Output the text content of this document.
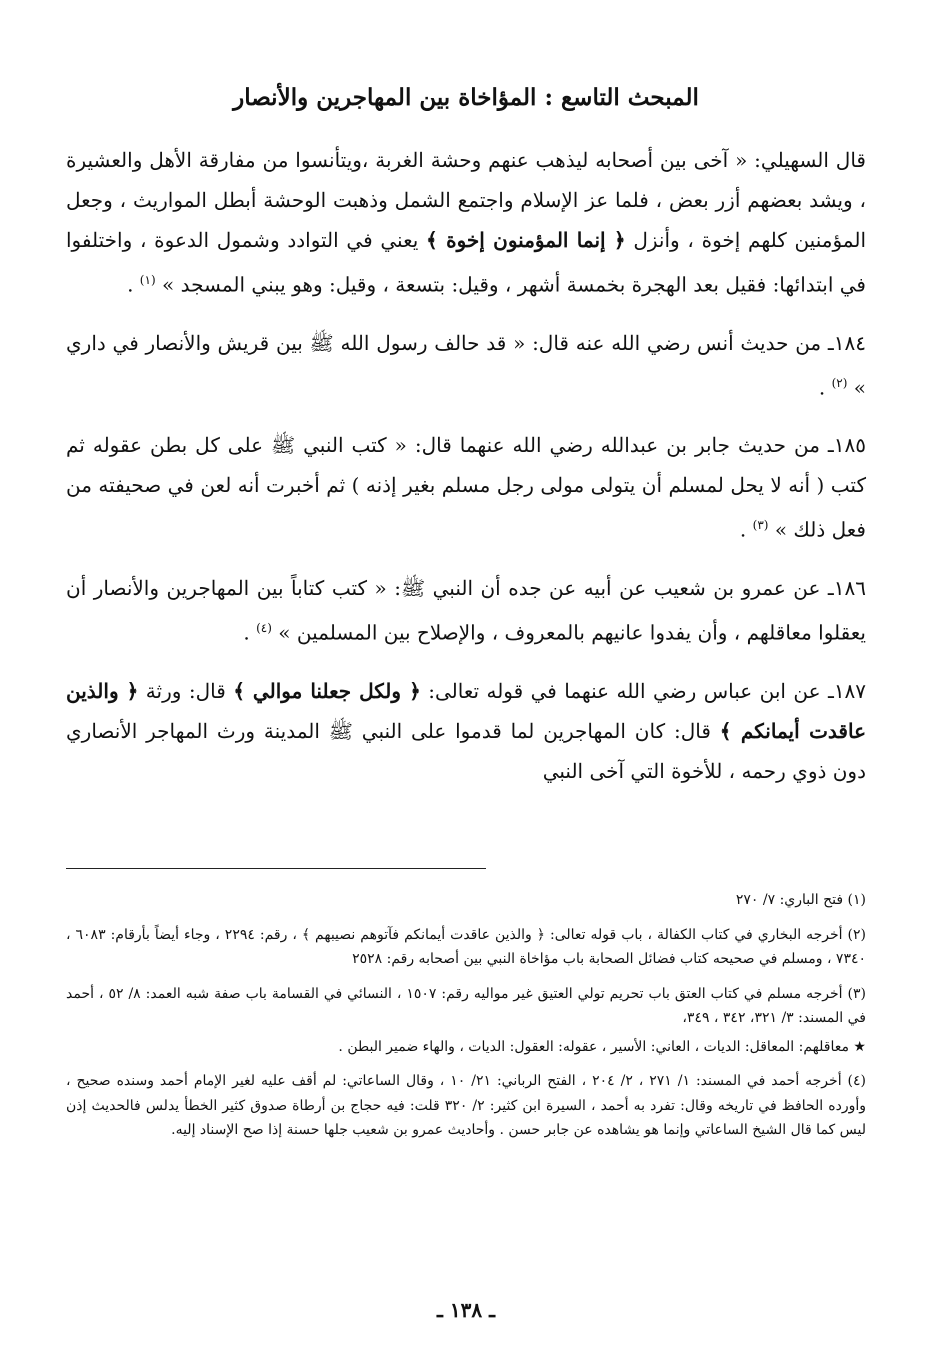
المبحث التاسع : المؤاخاة بين المهاجرين والأنصار

قال السهيلي: « آخى بين أصحابه ليذهب عنهم وحشة الغربة ،ويتأنسوا من مفارقة الأهل والعشيرة ، ويشد بعضهم أزر بعض ، فلما عز الإسلام واجتمع الشمل وذهبت الوحشة أبطل المواريث ، وجعل المؤمنين كلهم إخوة ، وأنزل ﴿ إنما المؤمنون إخوة ﴾ يعني في التوادد وشمول الدعوة ، واختلفوا في ابتدائها: فقيل بعد الهجرة بخمسة أشهر ، وقيل: بتسعة ، وقيل: وهو يبني المسجد » $^{(١)}$ .

١٨٤ـ من حديث أنس رضي الله عنه قال: « قد حالف رسول الله ﷺ بين قريش والأنصار في داري » $^{(٢)}$ .

١٨٥ـ من حديث جابر بن عبدالله رضي الله عنهما قال: « كتب النبي ﷺ على كل بطن عقوله ثم كتب ( أنه لا يحل لمسلم أن يتولى مولى رجل مسلم بغير إذنه ) ثم أخبرت أنه لعن في صحيفته من فعل ذلك » $^{(٣)}$ .

١٨٦ـ عن عمرو بن شعيب عن أبيه عن جده أن النبي ﷺ: « كتب كتاباً بين المهاجرين والأنصار أن يعقلوا معاقلهم ، وأن يفدوا عانيهم بالمعروف ، والإصلاح بين المسلمين » $^{(٤)}$ .

١٨٧ـ عن ابن عباس رضي الله عنهما في قوله تعالى: ﴿ ولكل جعلنا موالي ﴾ قال: ورثة ﴿ والذين عاقدت أيمانكم ﴾ قال: كان المهاجرين لما قدموا على النبي ﷺ المدينة ورث المهاجر الأنصاري دون ذوي رحمه ، للأخوة التي آخى النبي

(١) فتح الباري: ٧/ ٢٧٠

(٢) أخرجه البخاري في كتاب الكفالة ، باب قوله تعالى: ﴿ والذين عاقدت أيمانكم فآتوهم نصيبهم ﴾ ، رقم: ٢٢٩٤ ، وجاء أيضاً بأرقام: ٦٠٨٣ ، ٧٣٤٠ ، ومسلم في صحيحه كتاب فضائل الصحابة باب مؤاخاة النبي بين أصحابه رقم: ٢٥٢٨

(٣) أخرجه مسلم في كتاب العتق باب تحريم تولي العتيق غير مواليه رقم: ١٥٠٧ ، النسائي في القسامة باب صفة شبه العمد: ٨/ ٥٢ ، أحمد في المسند: ٣/ ٣٢١، ٣٤٢ ، ٣٤٩،

★ معاقلهم: المعاقل: الديات ، العاني: الأسير ، عقوله: العقول: الديات ، والهاء ضمير البطن .

(٤) أخرجه أحمد في المسند: ١/ ٢٧١ ، ٢/ ٢٠٤ ، الفتح الرباني: ٢١/ ١٠ ، وقال الساعاتي: لم أقف عليه لغير الإمام أحمد وسنده صحيح ، وأورده الحافظ في تاريخه وقال: تفرد به أحمد ، السيرة ابن كثير: ٢/ ٣٢٠ قلت: فيه حجاج بن أرطاة صدوق كثير الخطأ يدلس فالحديث إذن ليس كما قال الشيخ الساعاتي وإنما هو يشاهده عن جابر حسن . وأحاديث عمرو بن شعيب جلها حسنة إذا صح الإسناد إليه.

ـ ١٣٨ ـ
